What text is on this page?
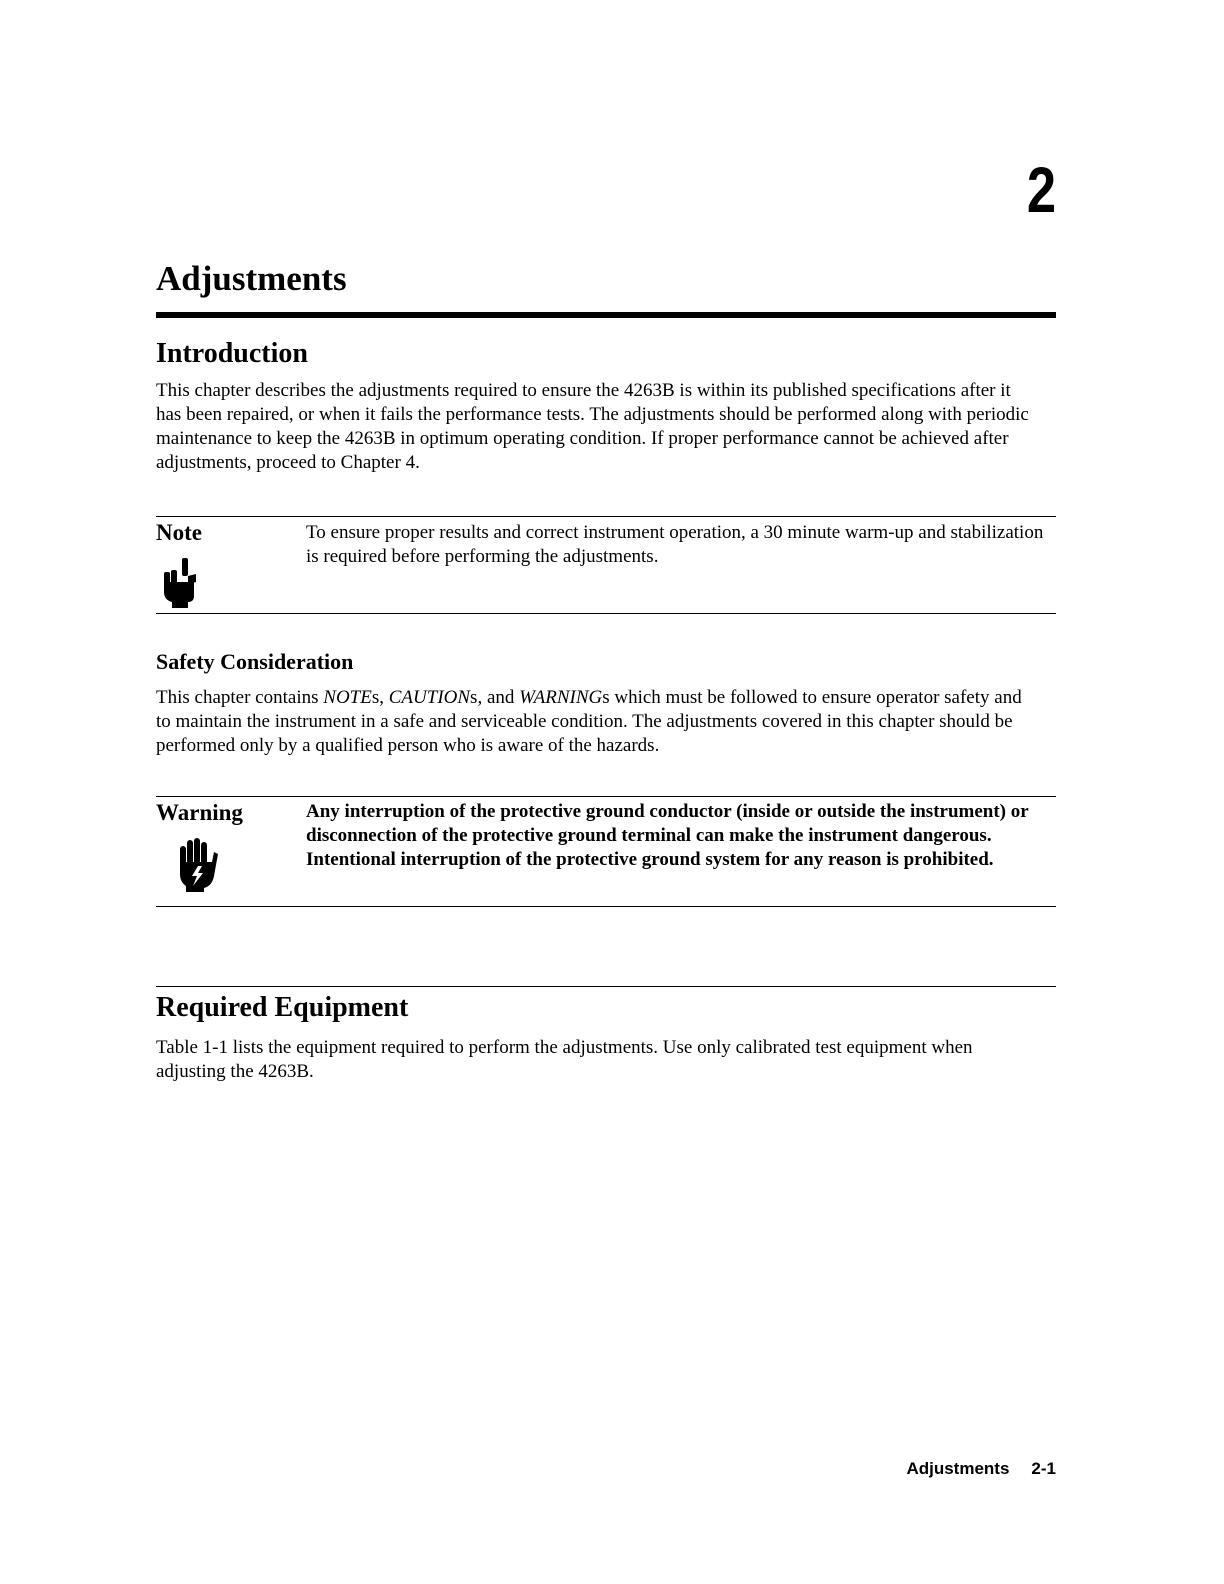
2
Adjustments
Introduction

This chapter describes the adjustments required to ensure the 4263B is within its published specifications after it has been repaired, or when it fails the performance tests. The adjustments should be performed along with periodic maintenance to keep the 4263B in optimum operating condition. If proper performance cannot be achieved after adjustments, proceed to Chapter 4.

Note	To ensure proper results and correct instrument operation, a 30 minute warm-up and stabilization is required before performing the adjustments.

Safety Consideration

This chapter contains NOTEs, CAUTIONs, and WARNINGs which must be followed to ensure operator safety and to maintain the instrument in a safe and serviceable condition. The adjustments covered in this chapter should be performed only by a qualified person who is aware of the hazards.

Warning	Any interruption of the protective ground conductor (inside or outside the instrument) or disconnection of the protective ground terminal can make the instrument dangerous. Intentional interruption of the protective ground system for any reason is prohibited.

Required Equipment

Table 1-1 lists the equipment required to perform the adjustments. Use only calibrated test equipment when adjusting the 4263B.

Adjustments 2-1
